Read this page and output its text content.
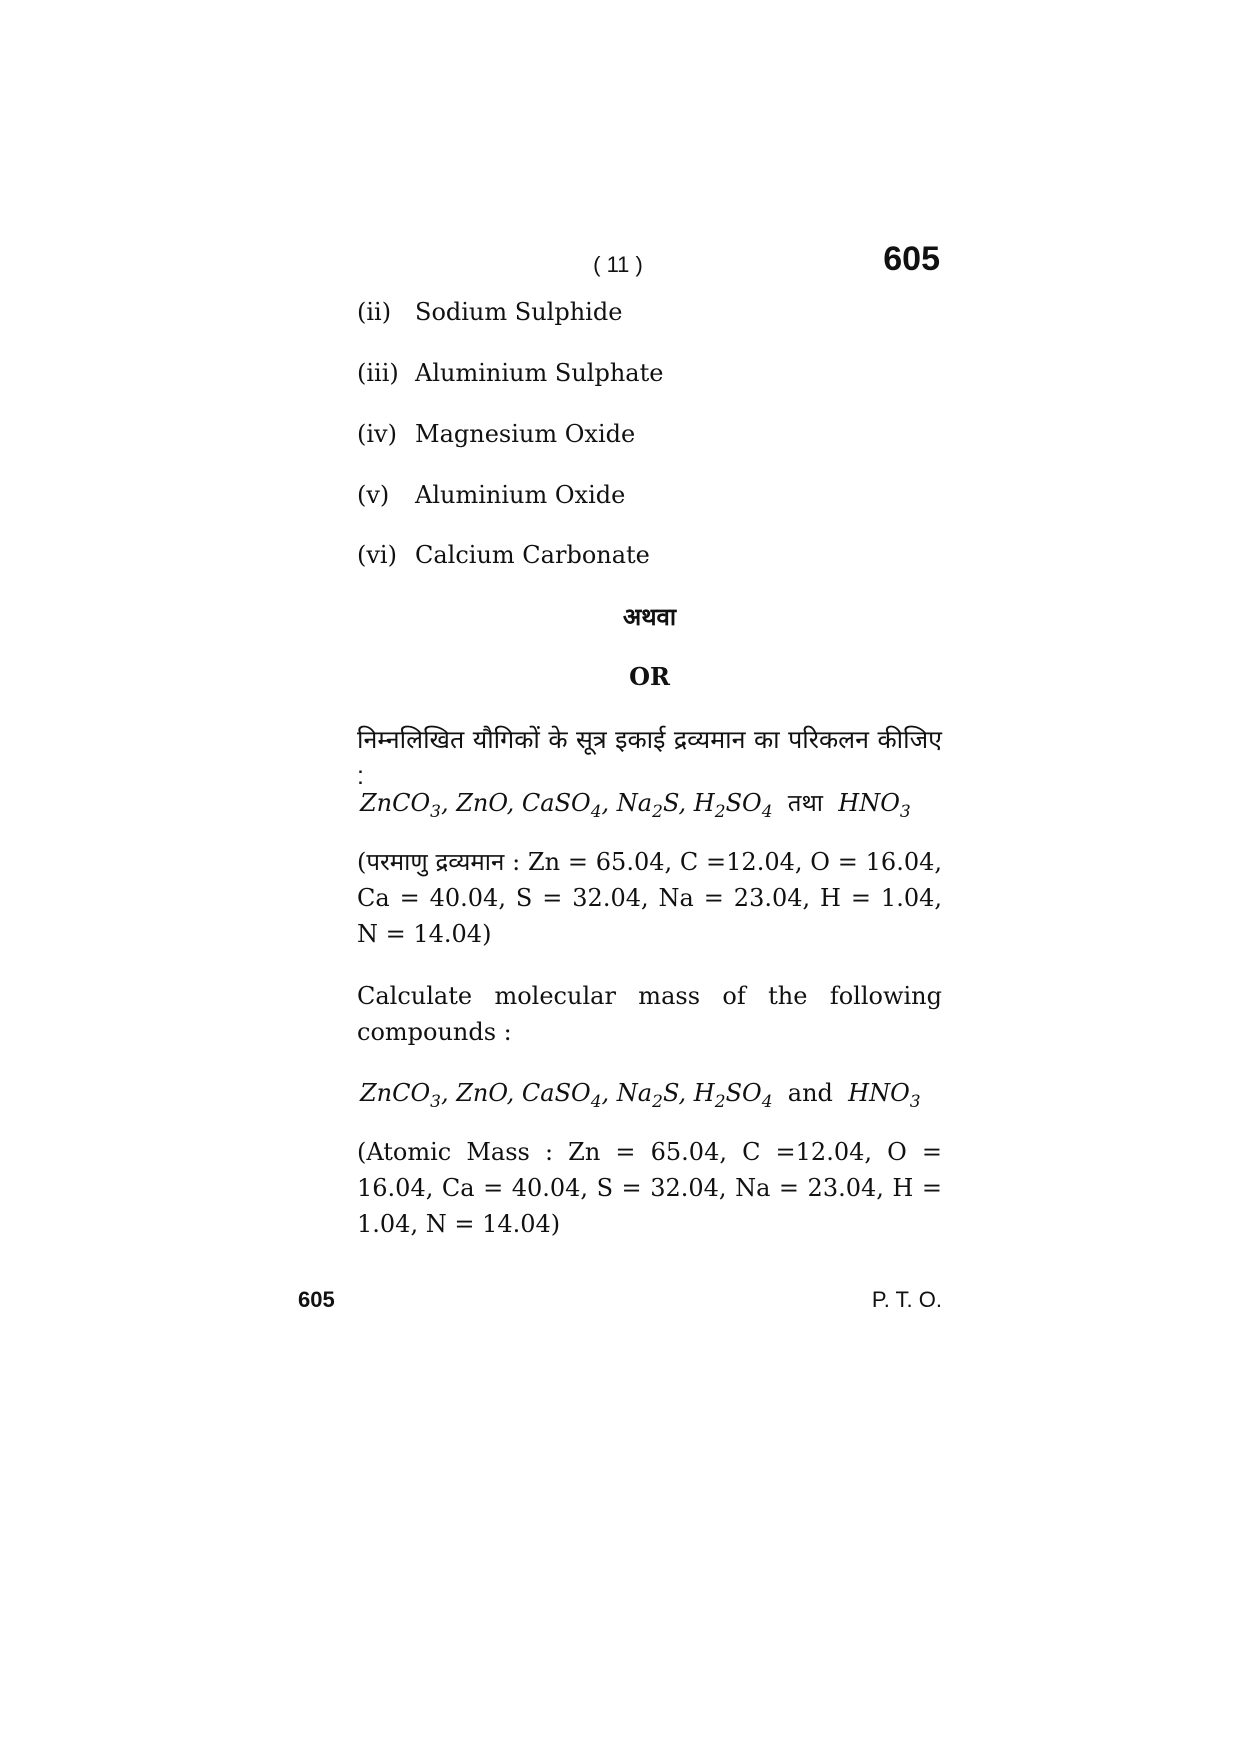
( 11 )	605
(ii) Sodium Sulphide
(iii) Aluminium Sulphate
(iv) Magnesium Oxide
(v) Aluminium Oxide
(vi) Calcium Carbonate
अथवा
OR
निम्नलिखित यौगिकों के सूत्र इकाई द्रव्यमान का परिकलन कीजिए :
ZnCO$_3$, ZnO, CaSO$_4$, $Na_2S$, $H_2SO_4$ तथा  $HNO_3$
(परमाणु द्रव्यमान : Zn = 65.04, C =12.04, O = 16.04, Ca = 40.04, S = 32.04, Na = 23.04, H = 1.04, N = 14.04)
Calculate molecular mass of the following compounds :
ZnCO$_3$, ZnO, CaSO$_4$, $Na_2S$, $H_2SO_4$ and  $HNO_3$
(Atomic Mass : Zn = 65.04, C =12.04, O = 16.04, Ca = 40.04, S = 32.04, Na = 23.04, H = 1.04, N = 14.04)
605	P. T. O.
